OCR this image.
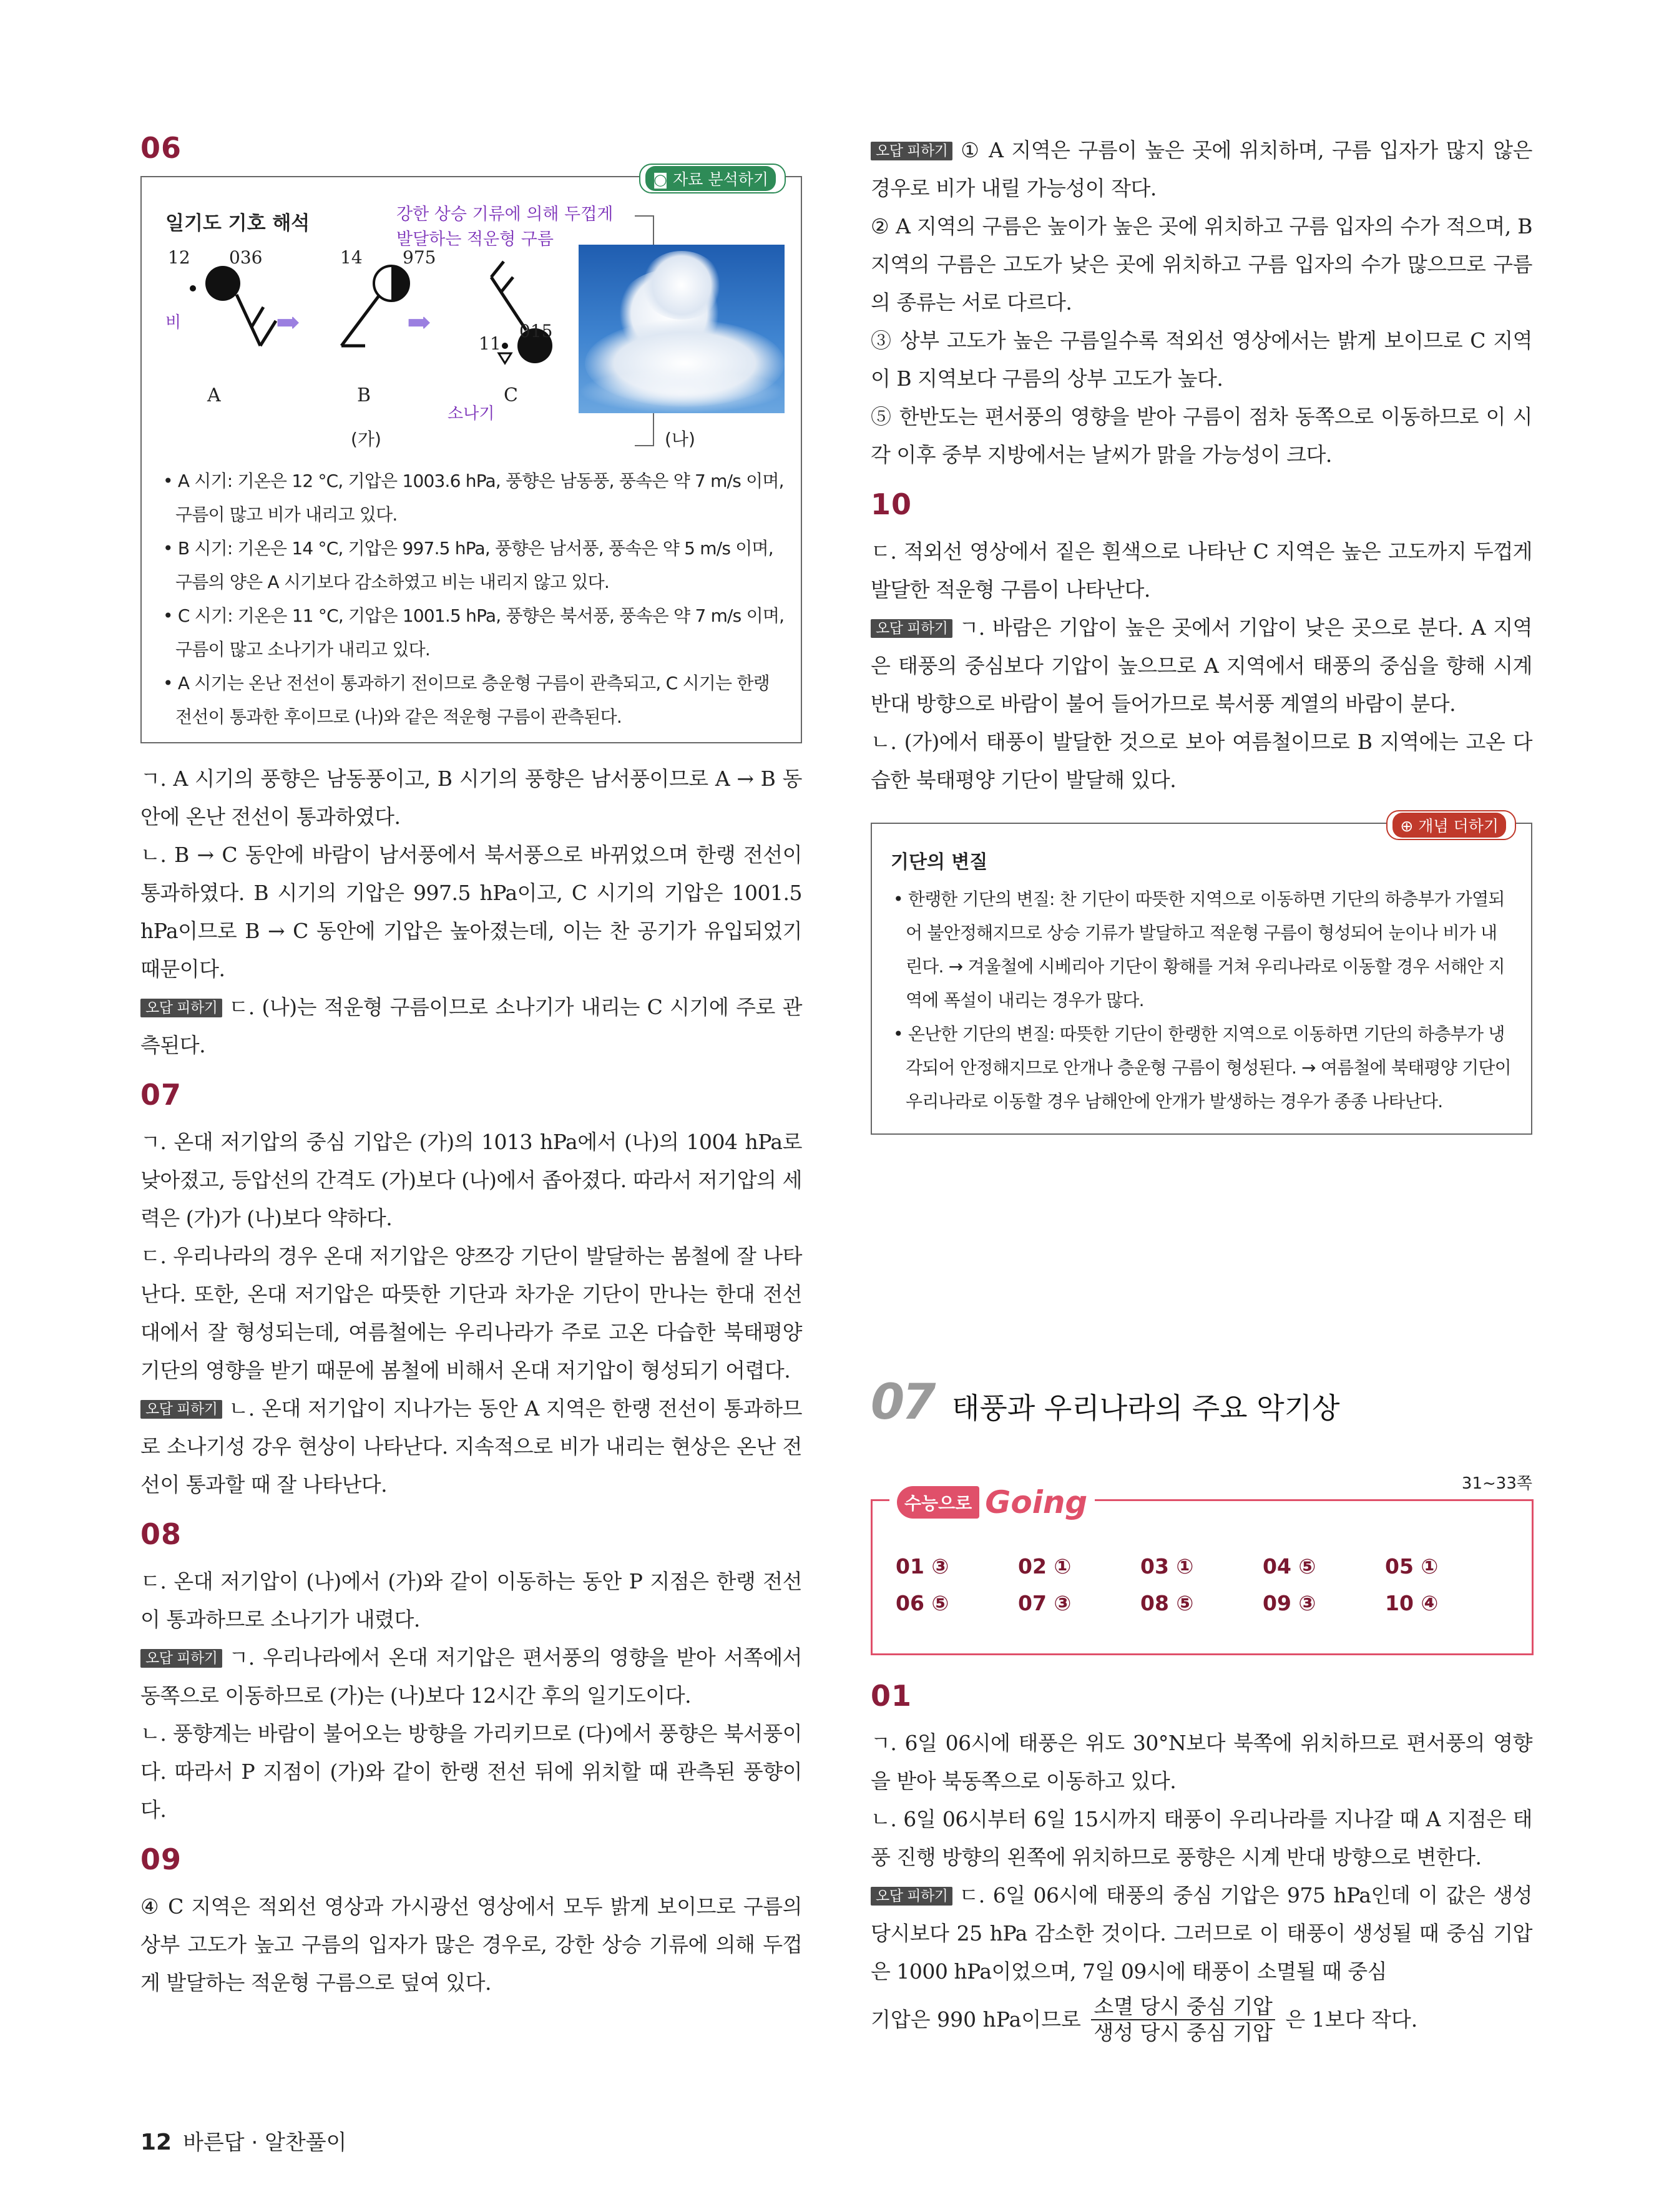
06
◙ 자료 분석하기
일기도 기호 해석	강한 상승 기류에 의해 두껍게
발달하는 적운형 구름
12 036
비
A
➡
14 975
B
➡
11
015
C
소나기
(가)	(나)
• A 시기: 기온은 12 °C, 기압은 1003.6 hPa, 풍향은 남동풍, 풍속은 약 7 m/s 이며, 구름이 많고 비가 내리고 있다.
• B 시기: 기온은 14 °C, 기압은 997.5 hPa, 풍향은 남서풍, 풍속은 약 5 m/s 이며, 구름의 양은 A 시기보다 감소하였고 비는 내리지 않고 있다.
• C 시기: 기온은 11 °C, 기압은 1001.5 hPa, 풍향은 북서풍, 풍속은 약 7 m/s 이며, 구름이 많고 소나기가 내리고 있다.
• A 시기는 온난 전선이 통과하기 전이므로 층운형 구름이 관측되고, C 시기는 한랭 전선이 통과한 후이므로 (나)와 같은 적운형 구름이 관측된다.

ㄱ. A 시기의 풍향은 남동풍이고, B 시기의 풍향은 남서풍이므로 A → B 동안에 온난 전선이 통과하였다.

ㄴ. B → C 동안에 바람이 남서풍에서 북서풍으로 바뀌었으며 한랭 전선이 통과하였다. B 시기의 기압은 997.5 hPa이고, C 시기의 기압은 1001.5 hPa이므로 B → C 동안에 기압은 높아졌는데, 이는 찬 공기가 유입되었기 때문이다.

오답 피하기 ㄷ. (나)는 적운형 구름이므로 소나기가 내리는 C 시기에 주로 관측된다.

07

ㄱ. 온대 저기압의 중심 기압은 (가)의 1013 hPa에서 (나)의 1004 hPa로 낮아졌고, 등압선의 간격도 (가)보다 (나)에서 좁아졌다. 따라서 저기압의 세력은 (가)가 (나)보다 약하다.

ㄷ. 우리나라의 경우 온대 저기압은 양쯔강 기단이 발달하는 봄철에 잘 나타난다. 또한, 온대 저기압은 따뜻한 기단과 차가운 기단이 만나는 한대 전선대에서 잘 형성되는데, 여름철에는 우리나라가 주로 고온 다습한 북태평양 기단의 영향을 받기 때문에 봄철에 비해서 온대 저기압이 형성되기 어렵다.

오답 피하기 ㄴ. 온대 저기압이 지나가는 동안 A 지역은 한랭 전선이 통과하므로 소나기성 강우 현상이 나타난다. 지속적으로 비가 내리는 현상은 온난 전선이 통과할 때 잘 나타난다.

08

ㄷ. 온대 저기압이 (나)에서 (가)와 같이 이동하는 동안 P 지점은 한랭 전선이 통과하므로 소나기가 내렸다.

오답 피하기 ㄱ. 우리나라에서 온대 저기압은 편서풍의 영향을 받아 서쪽에서 동쪽으로 이동하므로 (가)는 (나)보다 12시간 후의 일기도이다.

ㄴ. 풍향계는 바람이 불어오는 방향을 가리키므로 (다)에서 풍향은 북서풍이다. 따라서 P 지점이 (가)와 같이 한랭 전선 뒤에 위치할 때 관측된 풍향이다.

09

④ C 지역은 적외선 영상과 가시광선 영상에서 모두 밝게 보이므로 구름의 상부 고도가 높고 구름의 입자가 많은 경우로, 강한 상승 기류에 의해 두껍게 발달하는 적운형 구름으로 덮여 있다.

오답 피하기 ① A 지역은 구름이 높은 곳에 위치하며, 구름 입자가 많지 않은 경우로 비가 내릴 가능성이 작다.

② A 지역의 구름은 높이가 높은 곳에 위치하고 구름 입자의 수가 적으며, B 지역의 구름은 고도가 낮은 곳에 위치하고 구름 입자의 수가 많으므로 구름의 종류는 서로 다르다.

③ 상부 고도가 높은 구름일수록 적외선 영상에서는 밝게 보이므로 C 지역이 B 지역보다 구름의 상부 고도가 높다.

⑤ 한반도는 편서풍의 영향을 받아 구름이 점차 동쪽으로 이동하므로 이 시각 이후 중부 지방에서는 날씨가 맑을 가능성이 크다.

10

ㄷ. 적외선 영상에서 짙은 흰색으로 나타난 C 지역은 높은 고도까지 두껍게 발달한 적운형 구름이 나타난다.

오답 피하기 ㄱ. 바람은 기압이 높은 곳에서 기압이 낮은 곳으로 분다. A 지역은 태풍의 중심보다 기압이 높으므로 A 지역에서 태풍의 중심을 향해 시계 반대 방향으로 바람이 불어 들어가므로 북서풍 계열의 바람이 분다.

ㄴ. (가)에서 태풍이 발달한 것으로 보아 여름철이므로 B 지역에는 고온 다습한 북태평양 기단이 발달해 있다.

⊕ 개념 더하기
기단의 변질
• 한랭한 기단의 변질: 찬 기단이 따뜻한 지역으로 이동하면 기단의 하층부가 가열되어 불안정해지므로 상승 기류가 발달하고 적운형 구름이 형성되어 눈이나 비가 내린다. → 겨울철에 시베리아 기단이 황해를 거쳐 우리나라로 이동할 경우 서해안 지역에 폭설이 내리는 경우가 많다.
• 온난한 기단의 변질: 따뜻한 기단이 한랭한 지역으로 이동하면 기단의 하층부가 냉각되어 안정해지므로 안개나 층운형 구름이 형성된다. → 여름철에 북태평양 기단이 우리나라로 이동할 경우 남해안에 안개가 발생하는 경우가 종종 나타난다.
07 태풍과 우리나라의 주요 악기상
31~33쪽
수능으로 Going
01 ③	02 ①	03 ①	04 ⑤	05 ①
06 ⑤	07 ③	08 ⑤	09 ③	10 ④
01

ㄱ. 6일 06시에 태풍은 위도 30°N보다 북쪽에 위치하므로 편서풍의 영향을 받아 북동쪽으로 이동하고 있다.

ㄴ. 6일 06시부터 6일 15시까지 태풍이 우리나라를 지나갈 때 A 지점은 태풍 진행 방향의 왼쪽에 위치하므로 풍향은 시계 반대 방향으로 변한다.

오답 피하기 ㄷ. 6일 06시에 태풍의 중심 기압은 975 hPa인데 이 값은 생성 당시보다 25 hPa 감소한 것이다. 그러므로 이 태풍이 생성될 때 중심 기압은 1000 hPa이었으며, 7일 09시에 태풍이 소멸될 때 중심

기압은 990 hPa이므로
소멸 당시 중심 기압
생성 당시 중심 기압
은 1보다 작다.
12 바른답 · 알찬풀이
